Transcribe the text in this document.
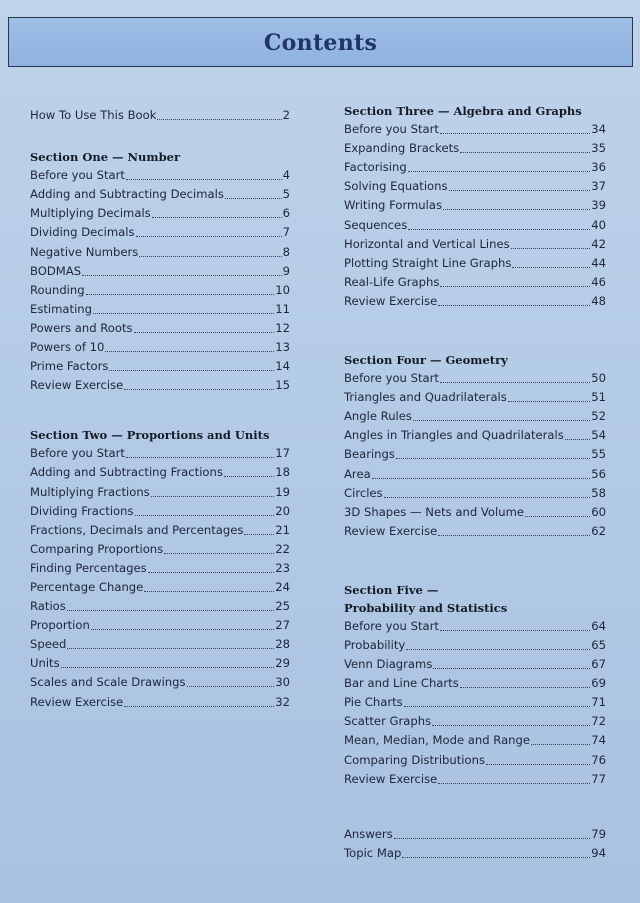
Contents
How To Use This Book	2
Section One — Number
Before you Start	4
Adding and Subtracting Decimals	5
Multiplying Decimals	6
Dividing Decimals	7
Negative Numbers	8
BODMAS	9
Rounding	10
Estimating	11
Powers and Roots	12
Powers of 10	13
Prime Factors	14
Review Exercise	15
Section Two — Proportions and Units
Before you Start	17
Adding and Subtracting Fractions	18
Multiplying Fractions	19
Dividing Fractions	20
Fractions, Decimals and Percentages	21
Comparing Proportions	22
Finding Percentages	23
Percentage Change	24
Ratios	25
Proportion	27
Speed	28
Units	29
Scales and Scale Drawings	30
Review Exercise	32
Section Three — Algebra and Graphs
Before you Start	34
Expanding Brackets	35
Factorising	36
Solving Equations	37
Writing Formulas	39
Sequences	40
Horizontal and Vertical Lines	42
Plotting Straight Line Graphs	44
Real-Life Graphs	46
Review Exercise	48
Section Four — Geometry
Before you Start	50
Triangles and Quadrilaterals	51
Angle Rules	52
Angles in Triangles and Quadrilaterals 54
Bearings	55
Area	56
Circles	58
3D Shapes — Nets and Volume	60
Review Exercise	62
Section Five —
Probability and Statistics
Before you Start	64
Probability	65
Venn Diagrams	67
Bar and Line Charts	69
Pie Charts	71
Scatter Graphs	72
Mean, Median, Mode and Range	74
Comparing Distributions	76
Review Exercise	77
Answers	79
Topic Map	94
